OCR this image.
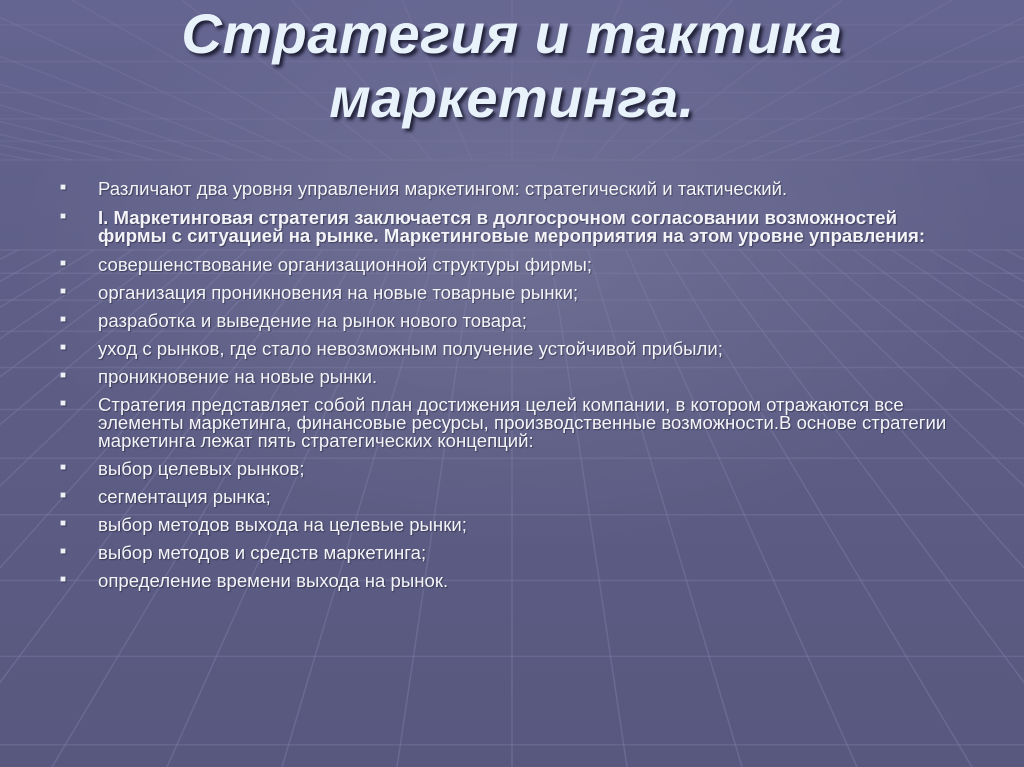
Стратегия и тактика
маркетинга.
■ Различают два уровня управления маркетингом: стратегический и тактический.
■ I. Маркетинговая стратегия заключается в долгосрочном согласовании возможностей фирмы с ситуацией на рынке. Маркетинговые мероприятия на этом уровне управления:
■ совершенствование организационной структуры фирмы;
■ организация проникновения на новые товарные рынки;
■ разработка и выведение на рынок нового товара;
■ уход с рынков, где стало невозможным получение устойчивой прибыли;
■ проникновение на новые рынки.
■ Стратегия представляет собой план достижения целей компании, в котором отражаются все элементы маркетинга, финансовые ресурсы, производственные возможности.В основе стратегии маркетинга лежат пять стратегических концепций:
■ выбор целевых рынков;
■ сегментация рынка;
■ выбор методов выхода на целевые рынки;
■ выбор методов и средств маркетинга;
■ определение времени выхода на рынок.
